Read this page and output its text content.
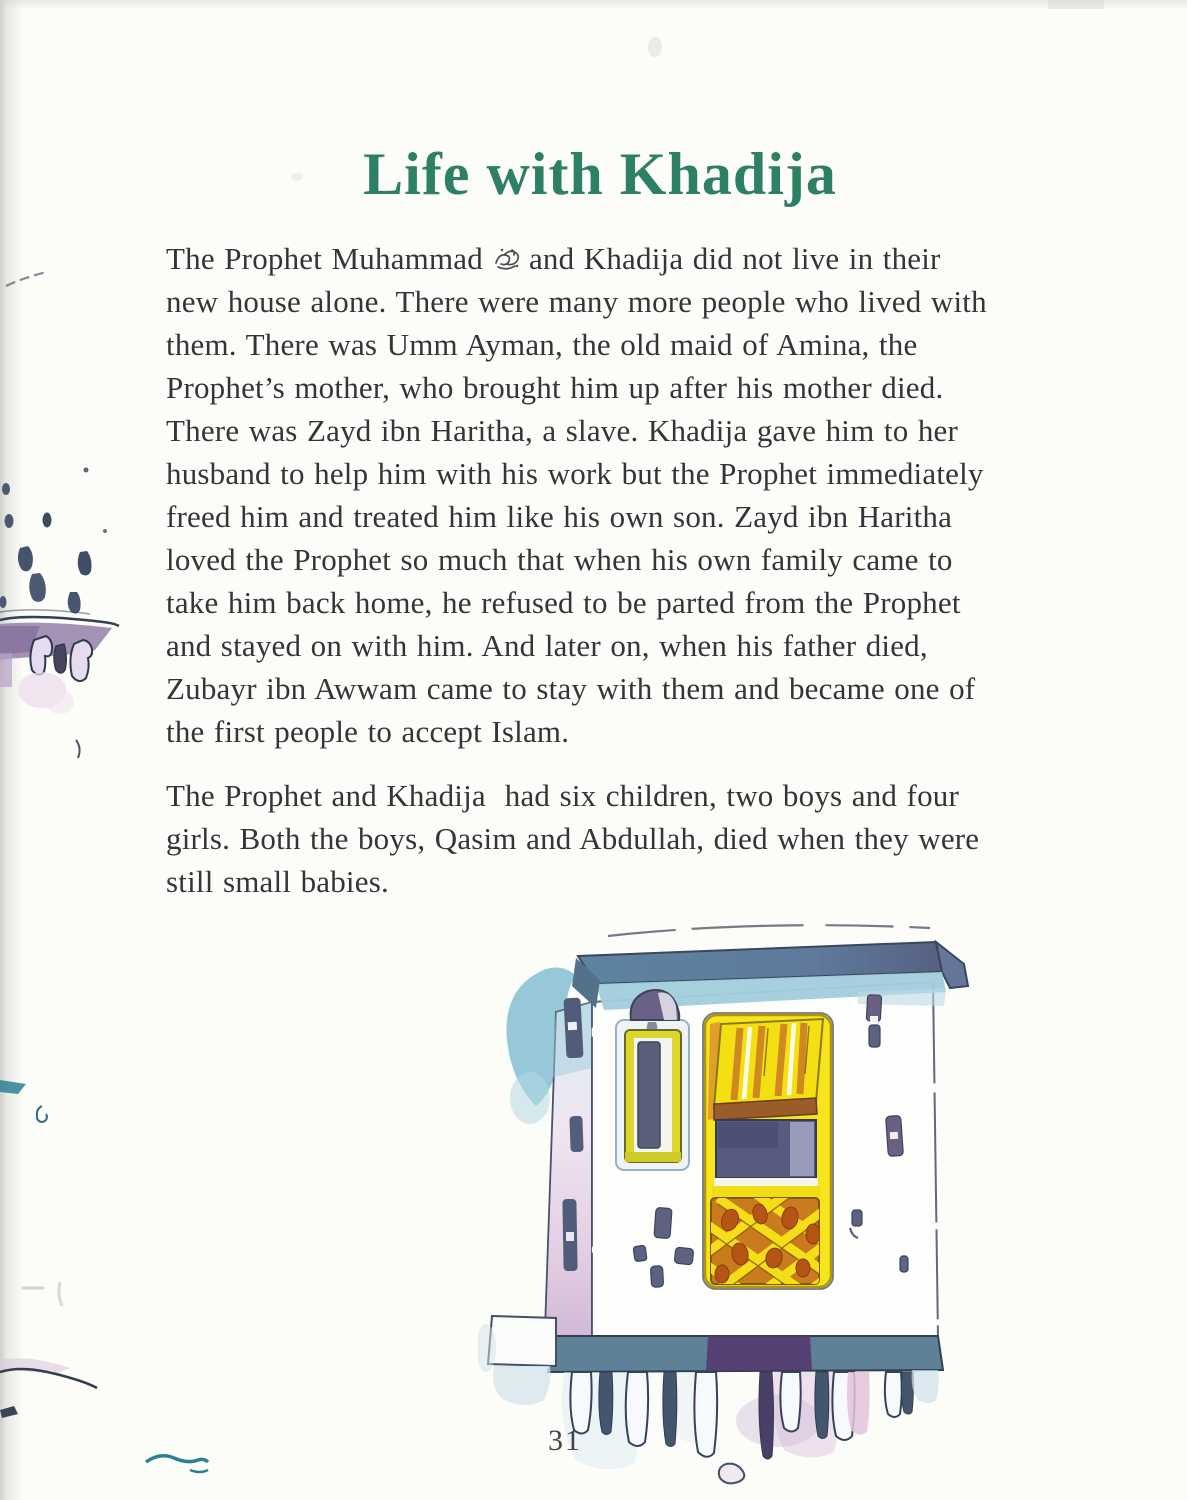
Life with Khadija
The Prophet Muhammad and Khadija did not live in their
new house alone. There were many more people who lived with
them. There was Umm Ayman, the old maid of Amina, the
Prophet’s mother, who brought him up after his mother died.
There was Zayd ibn Haritha, a slave. Khadija gave him to her
husband to help him with his work but the Prophet immediately
freed him and treated him like his own son. Zayd ibn Haritha
loved the Prophet so much that when his own family came to
take him back home, he refused to be parted from the Prophet
and stayed on with him. And later on, when his father died,
Zubayr ibn Awwam came to stay with them and became one of
the first people to accept Islam.
The Prophet and Khadija  had six children, two boys and four
girls. Both the boys, Qasim and Abdullah, died when they were
still small babies.
31
